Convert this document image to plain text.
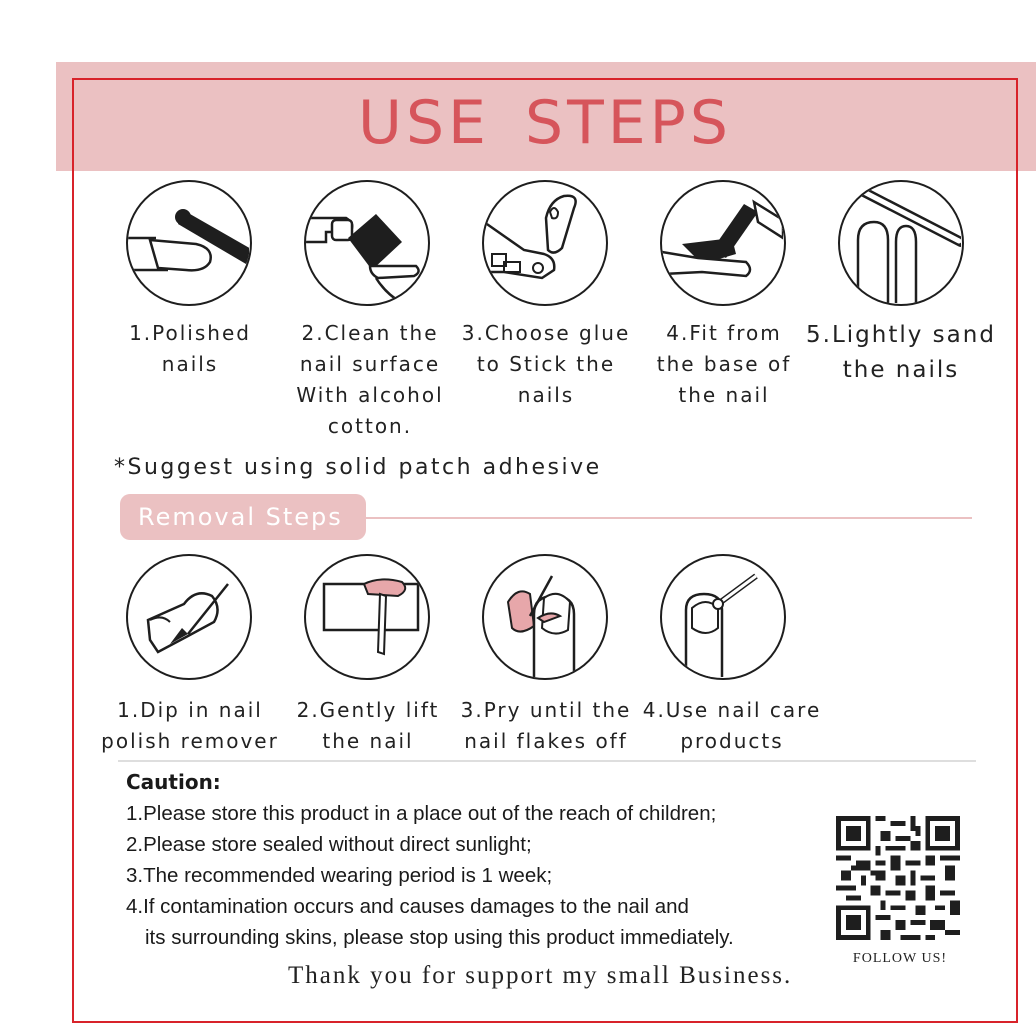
USE STEPS
1.Polished
nails
2.Clean the
nail surface
With alcohol
cotton.
3.Choose glue
to Stick the
nails
4.Fit from
the base of
the nail
5.Lightly sand
the nails
*Suggest using solid patch adhesive
Removal Steps
1.Dip in nail
polish remover
2.Gently lift
the nail
3.Pry until the
nail flakes off
4.Use nail care
products
Caution:
1.Please store this product in a place out of the reach of children;
2.Please store sealed without direct sunlight;
3.The recommended wearing period is 1 week;
4.If contamination occurs and causes damages to the nail and
its surrounding skins, please stop using this product immediately.
FOLLOW US!
Thank you for support my small Business.
